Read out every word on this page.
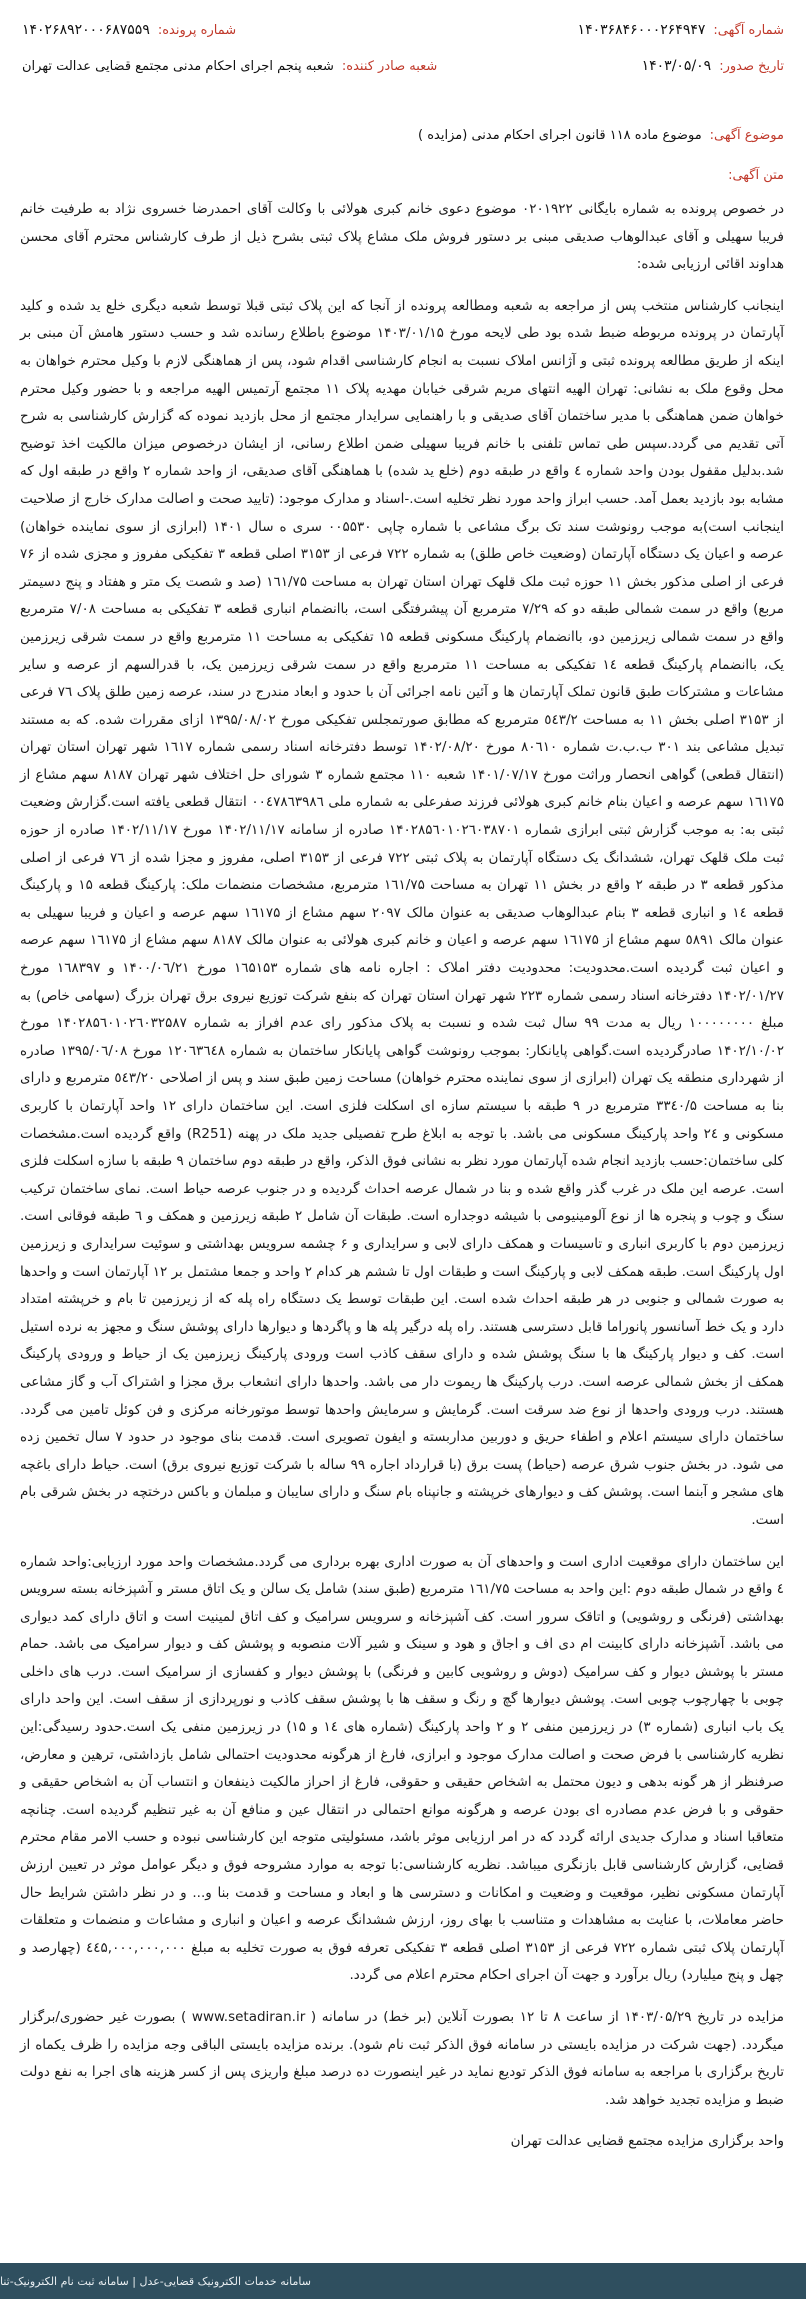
شماره آگهی:
۱۴۰۳۶۸۴۶۰۰۰۲۶۴۹۴۷
شماره پرونده:
۱۴۰۲۶۸۹۲۰۰۰۶۸۷۵۵۹
تاریخ صدور:
۱۴۰۳/۰۵/۰۹
شعبه صادر کننده:
شعبه پنجم اجرای احکام مدنی مجتمع قضایی عدالت تهران
موضوع آگهی:
موضوع ماده ۱۱۸ قانون اجرای احکام مدنی (مزایده )
متن آگهی:

در خصوص پرونده به شماره بایگانی ۰۲۰۱۹۲۲ موضوع دعوی خانم کبری هولائی با وکالت آقای احمدرضا خسروی نژاد به طرفیت خانم فریبا سهیلی و آقای عبدالوهاب صدیقی مبنی بر دستور فروش ملک مشاع پلاک ثبتی بشرح ذیل از طرف کارشناس محترم آقای محسن هداوند اقائی ارزیابی شده:

اینجانب کارشناس منتخب پس از مراجعه به شعبه ومطالعه پرونده از آنجا که این پلاک ثبتی قبلا توسط شعبه دیگری خلع ید شده و کلید آپارتمان در پرونده مربوطه ضبط شده بود طی لایحه مورخ ۱۴۰۳/۰۱/۱۵ موضوع باطلاع رسانده شد و حسب دستور هامش آن مبنی بر اینکه از طریق مطالعه پرونده ثبتی و آژانس املاک نسبت به انجام کارشناسی اقدام شود، پس از هماهنگی لازم با وکیل محترم خواهان به محل وقوع ملک به نشانی: تهران الهیه انتهای مریم شرقی خیابان مهدیه پلاک ۱۱ مجتمع آرتمیس الهیه مراجعه و با حضور وکیل محترم خواهان ضمن هماهنگی با مدیر ساختمان آقای صدیقی و با راهنمایی سرایدار مجتمع از محل بازدید نموده که گزارش کارشناسی به شرح آتی تقدیم می گردد.سپس طی تماس تلفنی با خانم فریبا سهیلی ضمن اطلاع رسانی، از ایشان درخصوص میزان مالکیت اخذ توضیح شد.بدلیل مقفول بودن واحد شماره ٤ واقع در طبقه دوم (خلع ید شده) با هماهنگی آقای صدیقی، از واحد شماره ۲ واقع در طبقه اول که مشابه بود بازدید بعمل آمد. حسب ابراز واحد مورد نظر تخلیه است.-اسناد و مدارک موجود: (تایید صحت و اصالت مدارک خارج از صلاحیت اینجانب است)به موجب رونوشت سند تک برگ مشاعی با شماره چاپی ۰۰۵۵۳۰ سری ه سال ۱۴۰۱ (ابرازی از سوی نماینده خواهان) عرصه و اعیان یک دستگاه آپارتمان (وضعیت خاص طلق) به شماره ۷۲۲ فرعی از ۳۱۵۳ اصلی قطعه ۳ تفکیکی مفروز و مجزی شده از ۷۶ فرعی از اصلی مذکور بخش ۱۱ حوزه ثبت ملک قلهک تهران استان تهران به مساحت ۱٦۱/۷۵ (صد و شصت یک متر و هفتاد و پنج دسیمتر مربع) واقع در سمت شمالی طبقه دو که ۷/۲۹ مترمربع آن پیشرفتگی است، باانضمام انباری قطعه ۳ تفکیکی به مساحت ۷/۰۸ مترمربع واقع در سمت شمالی زیرزمین دو، باانضمام پارکینگ مسکونی قطعه ۱۵ تفکیکی به مساحت ۱۱ مترمربع واقع در سمت شرقی زیرزمین یک، باانضمام پارکینگ قطعه ۱٤ تفکیکی به مساحت ۱۱ مترمربع واقع در سمت شرقی زیرزمین یک، با قدرالسهم از عرصه و سایر مشاعات و مشترکات طبق قانون تملک آپارتمان ها و آئین نامه اجرائی آن با حدود و ابعاد مندرج در سند، عرصه زمین طلق پلاک ۷٦ فرعی از ۳۱۵۳ اصلی بخش ۱۱ به مساحت ٥٤۳/۲ مترمربع که مطابق صورتمجلس تفکیکی مورخ ۱۳۹۵/۰۸/۰۲ ازای مقررات شده. که به مستند تبدیل مشاعی بند ۳۰۱ ب.ب.ت شماره ۸۰٦۱۰ مورخ ۱۴۰۲/۰۸/۲۰ توسط دفترخانه اسناد رسمی شماره ۱٦۱۷ شهر تهران استان تهران (انتقال قطعی) گواهی انحصار وراثت مورخ ۱۴۰۱/۰۷/۱۷ شعبه ۱۱۰ مجتمع شماره ۳ شورای حل اختلاف شهر تهران ۸۱۸۷ سهم مشاع از ۱٦۱۷۵ سهم عرصه و اعیان بنام خانم کبری هولائی فرزند صفرعلی به شماره ملی ۰۰٤۷۸٦۳۹۸٦ انتقال قطعی یافته است.گزارش وضعیت ثبتی به: به موجب گزارش ثبتی ابرازی شماره ۱۴۰۲۸۵٦۰۱۰۲٦۰۳۸۷۰۱ صادره از سامانه ۱۴۰۲/۱۱/۱۷ مورخ ۱۴۰۲/۱۱/۱۷ صادره از حوزه ثبت ملک قلهک تهران، ششدانگ یک دستگاه آپارتمان به پلاک ثبتی ۷۲۲ فرعی از ۳۱۵۳ اصلی، مفروز و مجزا شده از ۷٦ فرعی از اصلی مذکور قطعه ۳ در طبقه ۲ واقع در بخش ۱۱ تهران به مساحت ۱٦۱/۷۵ مترمربع، مشخصات منضمات ملک: پارکینگ قطعه ۱۵ و پارکینگ قطعه ۱٤ و انباری قطعه ۳ بنام عبدالوهاب صدیقی به عنوان مالک ۲۰۹۷ سهم مشاع از ۱٦۱۷۵ سهم عرصه و اعیان و فریبا سهیلی به عنوان مالک ٥۸۹۱ سهم مشاع از ۱٦۱۷۵ سهم عرصه و اعیان و خانم کبری هولائی به عنوان مالک ۸۱۸۷ سهم مشاع از ۱٦۱۷۵ سهم عرصه و اعیان ثبت گردیده است.محدودیت: محدودیت دفتر املاک : اجاره نامه های شماره ۱٦۵۱۵۳ مورخ ۱۴۰۰/۰٦/۲۱ و ۱٦۸۳۹۷ مورخ ۱۴۰۲/۰۱/۲۷ دفترخانه اسناد رسمی شماره ۲۲۳ شهر تهران استان تهران که بنفع شرکت توزیع نیروی برق تهران بزرگ (سهامی خاص) به مبلغ ۱۰۰۰۰۰۰۰۰ ریال به مدت ۹۹ سال ثبت شده و نسبت به پلاک مذکور رای عدم افراز به شماره ۱۴۰۲۸۵٦۰۱۰۲٦۰۳۲۵۸۷ مورخ ۱۴۰۲/۱۰/۰۲ صادرگردیده است.گواهی پایانکار: بموجب رونوشت گواهی پایانکار ساختمان به شماره ۱۲۰٦۳٦٤۸ مورخ ۱۳۹۵/۰٦/۰۸ صادره از شهرداری منطقه یک تهران (ابرازی از سوی نماینده محترم خواهان) مساحت زمین طبق سند و پس از اصلاحی ٥٤۳/۲۰ مترمربع و دارای بنا به مساحت ۳۳٤۰/۵ مترمربع در ۹ طبقه با سیستم سازه ای اسکلت فلزی است. این ساختمان دارای ۱۲ واحد آپارتمان با کاربری مسکونی و ۲٤ واحد پارکینگ مسکونی می باشد. با توجه به ابلاغ طرح تفصیلی جدید ملک در پهنه (R251) واقع گردیده است.مشخصات کلی ساختمان:حسب بازدید انجام شده آپارتمان مورد نظر به نشانی فوق الذکر، واقع در طبقه دوم ساختمان ۹ طبقه با سازه اسکلت فلزی است. عرصه این ملک در غرب گذر واقع شده و بنا در شمال عرصه احداث گردیده و در جنوب عرصه حیاط است. نمای ساختمان ترکیب سنگ و چوب و پنجره ها از نوع آلومینیومی با شیشه دوجداره است. طبقات آن شامل ۲ طبقه زیرزمین و همکف و ٦ طبقه فوقانی است. زیرزمین دوم با کاربری انباری و تاسیسات و همکف دارای لابی و سرایداری و ۶ چشمه سرویس بهداشتی و سوئیت سرایداری و زیرزمین اول پارکینگ است. طبقه همکف لابی و پارکینگ است و طبقات اول تا ششم هر کدام ۲ واحد و جمعا مشتمل بر ۱۲ آپارتمان است و واحدها به صورت شمالی و جنوبی در هر طبقه احداث شده است. این طبقات توسط یک دستگاه راه پله که از زیرزمین تا بام و خرپشته امتداد دارد و یک خط آسانسور پانوراما قابل دسترسی هستند. راه پله درگیر پله ها و پاگردها و دیوارها دارای پوشش سنگ و مجهز به نرده استیل است. کف و دیوار پارکینگ ها با سنگ پوشش شده و دارای سقف کاذب است ورودی پارکینگ زیرزمین یک از حیاط و ورودی پارکینگ همکف از بخش شمالی عرصه است. درب پارکینگ ها ریموت دار می باشد. واحدها دارای انشعاب برق مجزا و اشتراک آب و گاز مشاعی هستند. درب ورودی واحدها از نوع ضد سرقت است. گرمایش و سرمایش واحدها توسط موتورخانه مرکزی و فن کوئل تامین می گردد. ساختمان دارای سیستم اعلام و اطفاء حریق و دوربین مداربسته و ایفون تصویری است. قدمت بنای موجود در حدود ۷ سال تخمین زده می شود. در بخش جنوب شرق عرصه (حیاط) پست برق (با قرارداد اجاره ۹۹ ساله با شرکت توزیع نیروی برق) است. حیاط دارای باغچه های مشجر و آبنما است. پوشش کف و دیوارهای خرپشته و جانپناه بام سنگ و دارای سایبان و مبلمان و باکس درختچه در بخش شرقی بام است.

این ساختمان دارای موقعیت اداری است و واحدهای آن به صورت اداری بهره برداری می گردد.مشخصات واحد مورد ارزیابی:واحد شماره ٤ واقع در شمال طبقه دوم :این واحد به مساحت ۱٦۱/۷۵ مترمربع (طبق سند) شامل یک سالن و یک اتاق مستر و آشپزخانه بسته سرویس بهداشتی (فرنگی و روشویی) و اتاقک سرور است. کف آشپزخانه و سرویس سرامیک و کف اتاق لمینیت است و اتاق دارای کمد دیواری می باشد. آشپزخانه دارای کابینت ام دی اف و اجاق و هود و سینک و شیر آلات منصوبه و پوشش کف و دیوار سرامیک می باشد. حمام مستر با پوشش دیوار و کف سرامیک (دوش و روشویی کابین و فرنگی) با پوشش دیوار و کفسازی از سرامیک است. درب های داخلی چوبی با چهارچوب چوبی است. پوشش دیوارها گچ و رنگ و سقف ها با پوشش سقف کاذب و نورپردازی از سقف است. این واحد دارای یک باب انباری (شماره ۳) در زیرزمین منفی ۲ و ۲ واحد پارکینگ (شماره های ۱٤ و ۱۵) در زیرزمین منفی یک است.حدود رسیدگی:این نظریه کارشناسی با فرض صحت و اصالت مدارک موجود و ابرازی، فارغ از هرگونه محدودیت احتمالی شامل بازداشتی، ترهین و معارض، صرفنظر از هر گونه بدهی و دیون محتمل به اشخاص حقیقی و حقوقی، فارغ از احراز مالکیت ذینفعان و انتساب آن به اشخاص حقیقی و حقوقی و با فرض عدم مصادره ای بودن عرصه و هرگونه موانع احتمالی در انتقال عین و منافع آن به غیر تنظیم گردیده است. چنانچه متعاقبا اسناد و مدارک جدیدی ارائه گردد که در امر ارزیابی موثر باشد، مسئولیتی متوجه این کارشناسی نبوده و حسب الامر مقام محترم قضایی، گزارش کارشناسی قابل بازنگری میباشد. نظریه کارشناسی:با توجه به موارد مشروحه فوق و دیگر عوامل موثر در تعیین ارزش آپارتمان مسکونی نظیر، موقعیت و وضعیت و امکانات و دسترسی ها و ابعاد و مساحت و قدمت بنا و... و در نظر داشتن شرایط حال حاضر معاملات، با عنایت به مشاهدات و متناسب با بهای روز، ارزش ششدانگ عرصه و اعیان و انباری و مشاعات و منضمات و متعلقات آپارتمان پلاک ثبتی شماره ۷۲۲ فرعی از ۳۱۵۳ اصلی قطعه ۳ تفکیکی تعرفه فوق به صورت تخلیه به مبلغ ٤٤۵,۰۰۰,۰۰۰,۰۰۰ (چهارصد و چهل و پنج میلیارد) ریال برآورد و جهت آن اجرای احکام محترم اعلام می گردد.

مزایده در تاریخ ۱۴۰۳/۰۵/۲۹ از ساعت ۸ تا ۱۲ بصورت آنلاین (بر خط) در سامانه ( www.setadiran.ir ) بصورت غیر حضوری/برگزار میگردد. (جهت شرکت در مزایده بایستی در سامانه فوق الذکر ثبت نام شود). برنده مزایده بایستی الباقی وجه مزایده را ظرف یکماه از تاریخ برگزاری با مراجعه به سامانه فوق الذکر تودیع نماید در غیر اینصورت ده درصد مبلغ واریزی پس از کسر هزینه های اجرا به نفع دولت ضبط و مزایده تجدید خواهد شد.

واحد برگزاری مزایده مجتمع قضایی عدالت تهران

سامانه خدمات الکترونیک قضایی-عدل | سامانه ثبت نام الکترونیک-ثنا
